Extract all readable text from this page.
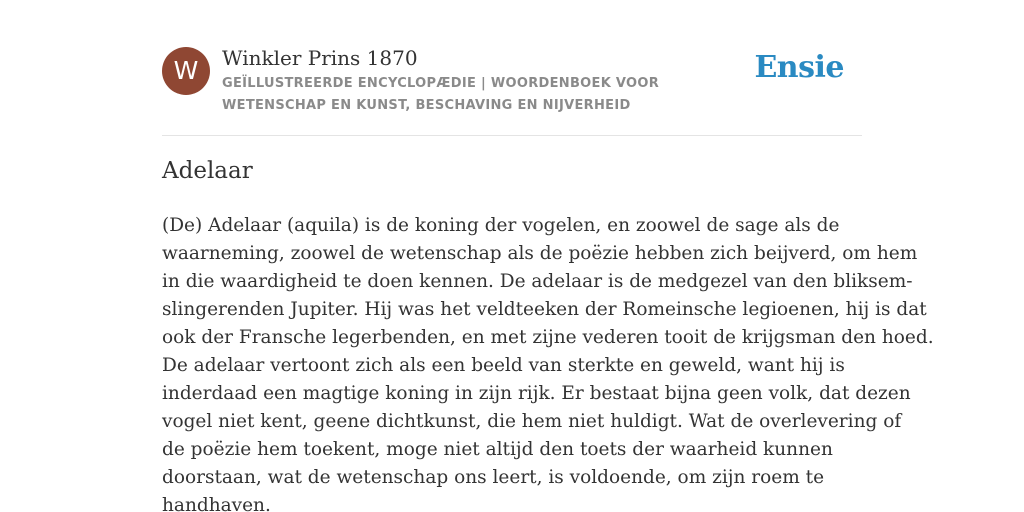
W	Winkler Prins 1870
GEÏLLUSTREERDE ENCYCLOPÆDIE | WOORDENBOEK VOOR WETENSCHAP EN KUNST, BESCHAVING EN NIJVERHEID
Ensie
Adelaar

(De) Adelaar (aquila) is de koning der vogelen, en zoowel de sage als de
waarneming, zoowel de wetenschap als de poëzie hebben zich beijverd, om hem
in die waardigheid te doen kennen. De adelaar is de medgezel van den bliksem-
slingerenden Jupiter. Hij was het veldteeken der Romeinsche legioenen, hij is dat
ook der Fransche legerbenden, en met zijne vederen tooit de krijgsman den hoed.
De adelaar vertoont zich als een beeld van sterkte en geweld, want hij is
inderdaad een magtige koning in zijn rijk. Er bestaat bijna geen volk, dat dezen
vogel niet kent, geene dichtkunst, die hem niet huldigt. Wat de overlevering of
de poëzie hem toekent, moge niet altijd den toets der waarheid kunnen
doorstaan, wat de wetenschap ons leert, is voldoende, om zijn roem te
handhaven.
